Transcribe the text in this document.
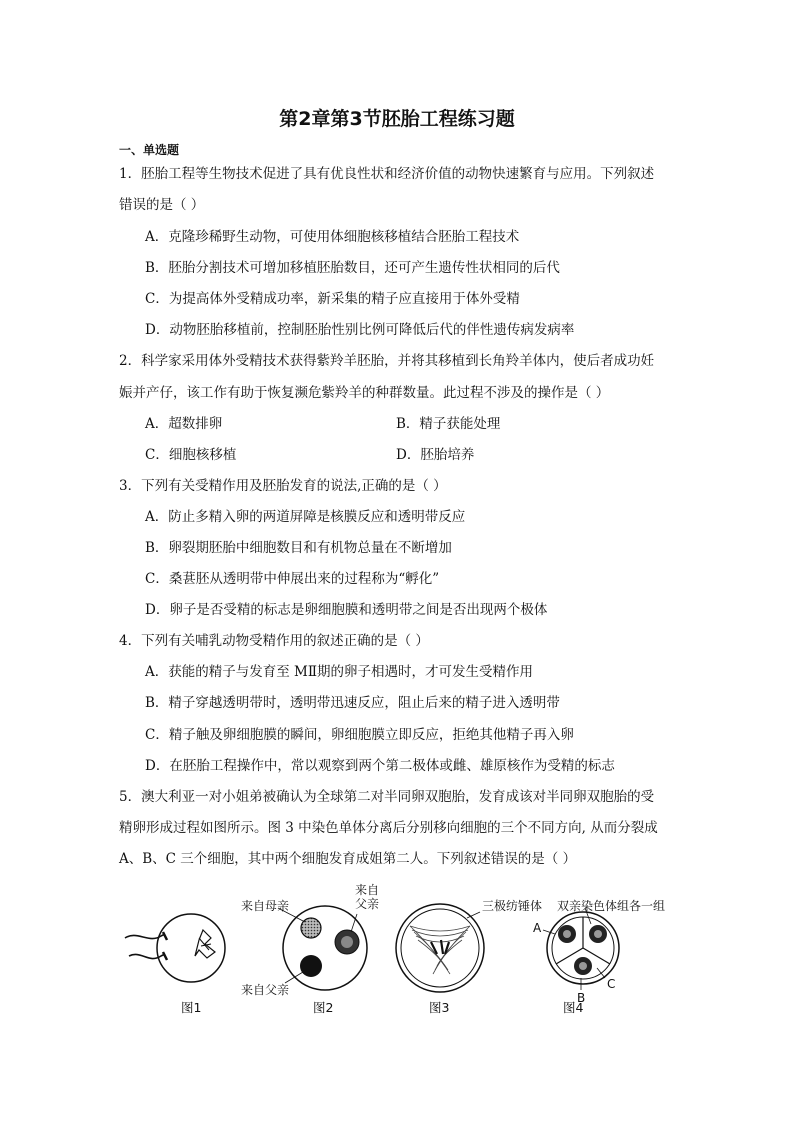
第2章第3节胚胎工程练习题
一、单选题
1．胚胎工程等生物技术促进了具有优良性状和经济价值的动物快速繁育与应用。下列叙述
错误的是（ ）
A．克隆珍稀野生动物，可使用体细胞核移植结合胚胎工程技术
B．胚胎分割技术可增加移植胚胎数目，还可产生遗传性状相同的后代
C．为提高体外受精成功率，新采集的精子应直接用于体外受精
D．动物胚胎移植前，控制胚胎性别比例可降低后代的伴性遗传病发病率
2．科学家采用体外受精技术获得紫羚羊胚胎，并将其移植到长角羚羊体内，使后者成功妊
娠并产仔，该工作有助于恢复濒危紫羚羊的种群数量。此过程不涉及的操作是（ ）
A．超数排卵	B．精子获能处理
C．细胞核移植	D．胚胎培养
3．下列有关受精作用及胚胎发育的说法,正确的是（ ）
A．防止多精入卵的两道屏障是核膜反应和透明带反应
B．卵裂期胚胎中细胞数目和有机物总量在不断增加
C．桑葚胚从透明带中伸展出来的过程称为“孵化”
D．卵子是否受精的标志是卵细胞膜和透明带之间是否出现两个极体
4．下列有关哺乳动物受精作用的叙述正确的是（ ）
A．获能的精子与发育至 MⅡ期的卵子相遇时，才可发生受精作用
B．精子穿越透明带时，透明带迅速反应，阻止后来的精子进入透明带
C．精子触及卵细胞膜的瞬间，卵细胞膜立即反应，拒绝其他精子再入卵
D．在胚胎工程操作中，常以观察到两个第二极体或雌、雄原核作为受精的标志
5．澳大利亚一对小姐弟被确认为全球第二对半同卵双胞胎，发育成该对半同卵双胞胎的受
精卵形成过程如图所示。图 3 中染色单体分离后分别移向细胞的三个不同方向, 从而分裂成
A、B、C 三个细胞，其中两个细胞发育成姐第二人。下列叙述错误的是（ ）
来自母亲
来自
父亲
来自父亲
三极纺锤体 双亲染色体组各一组
A
B
C
图1	图2	图3	图4
